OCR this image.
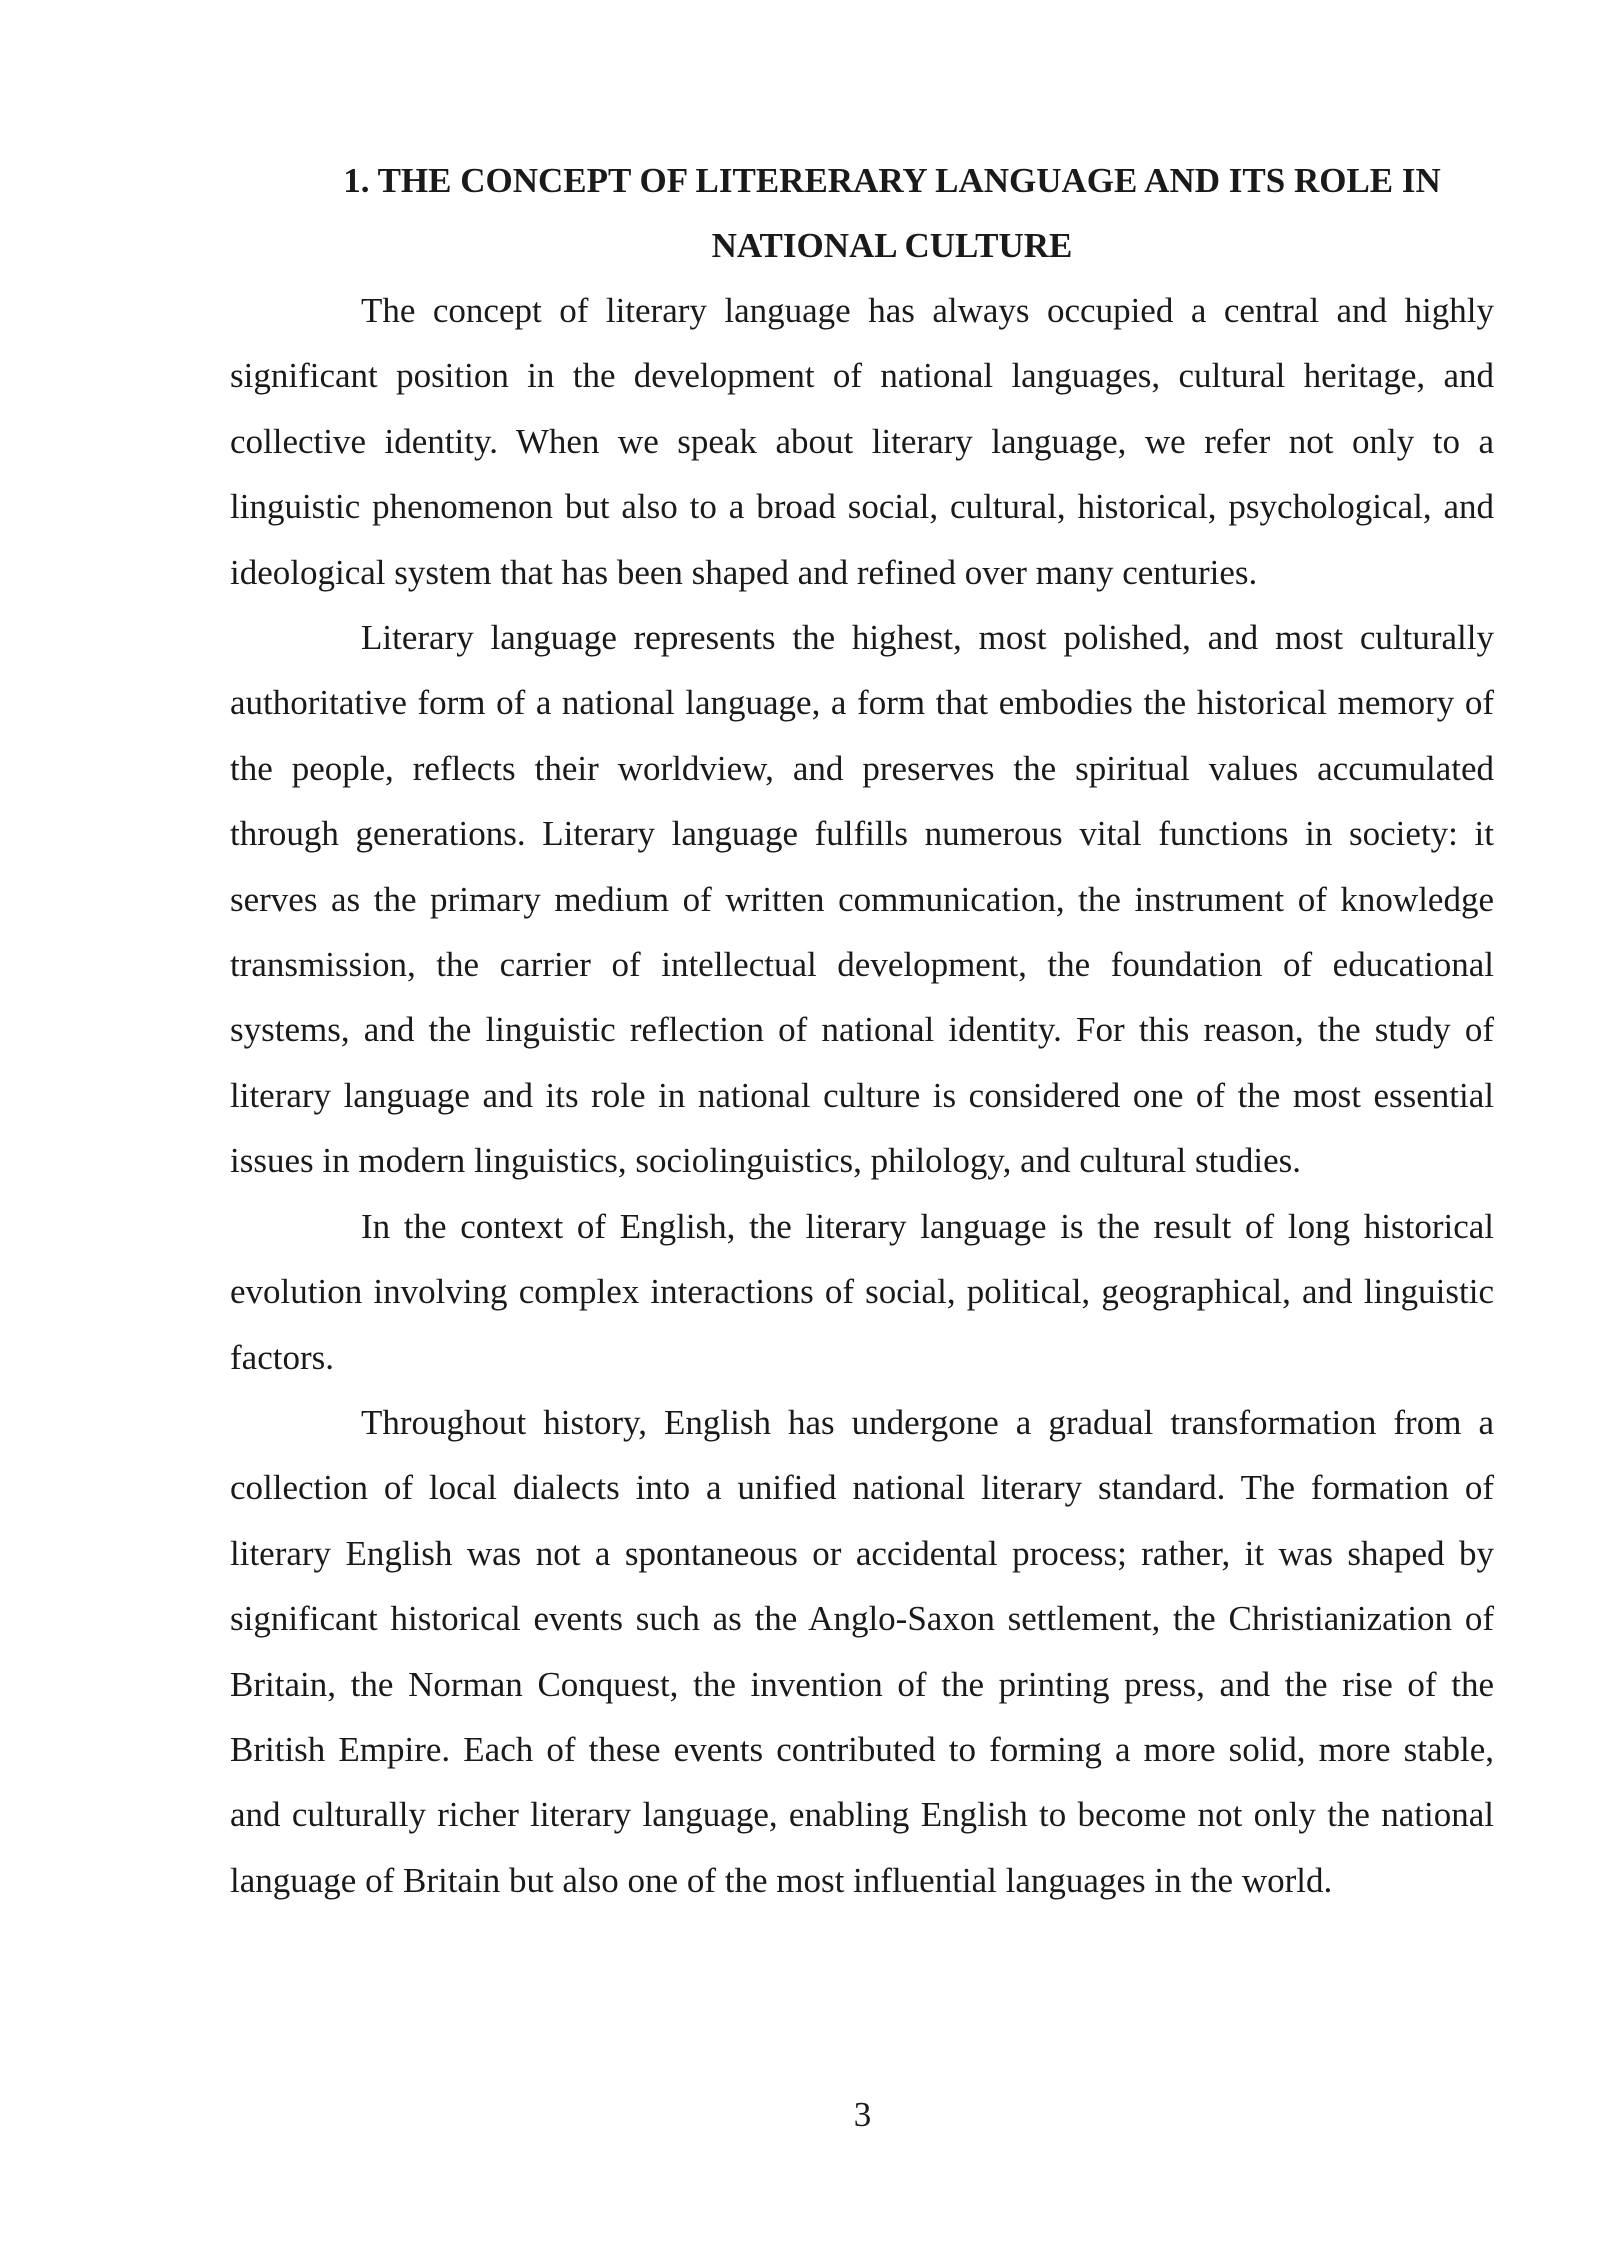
1. THE CONCEPT OF LITERERARY LANGUAGE AND ITS ROLE IN
NATIONAL CULTURE

The concept of literary language has always occupied a central and highly significant position in the development of national languages, cultural heritage, and collective identity. When we speak about literary language, we refer not only to a linguistic phenomenon but also to a broad social, cultural, historical, psychological, and ideological system that has been shaped and refined over many centuries.

Literary language represents the highest, most polished, and most culturally authoritative form of a national language, a form that embodies the historical memory of the people, reflects their worldview, and preserves the spiritual values accumulated through generations. Literary language fulfills numerous vital functions in society: it serves as the primary medium of written communication, the instrument of knowledge transmission, the carrier of intellectual development, the foundation of educational systems, and the linguistic reflection of national identity. For this reason, the study of literary language and its role in national culture is considered one of the most essential issues in modern linguistics, sociolinguistics, philology, and cultural studies.

In the context of English, the literary language is the result of long historical evolution involving complex interactions of social, political, geographical, and linguistic factors.

Throughout history, English has undergone a gradual transformation from a collection of local dialects into a unified national literary standard. The formation of literary English was not a spontaneous or accidental process; rather, it was shaped by significant historical events such as the Anglo-Saxon settlement, the Christianization of Britain, the Norman Conquest, the invention of the printing press, and the rise of the British Empire. Each of these events contributed to forming a more solid, more stable, and culturally richer literary language, enabling English to become not only the national language of Britain but also one of the most influential languages in the world.

3
